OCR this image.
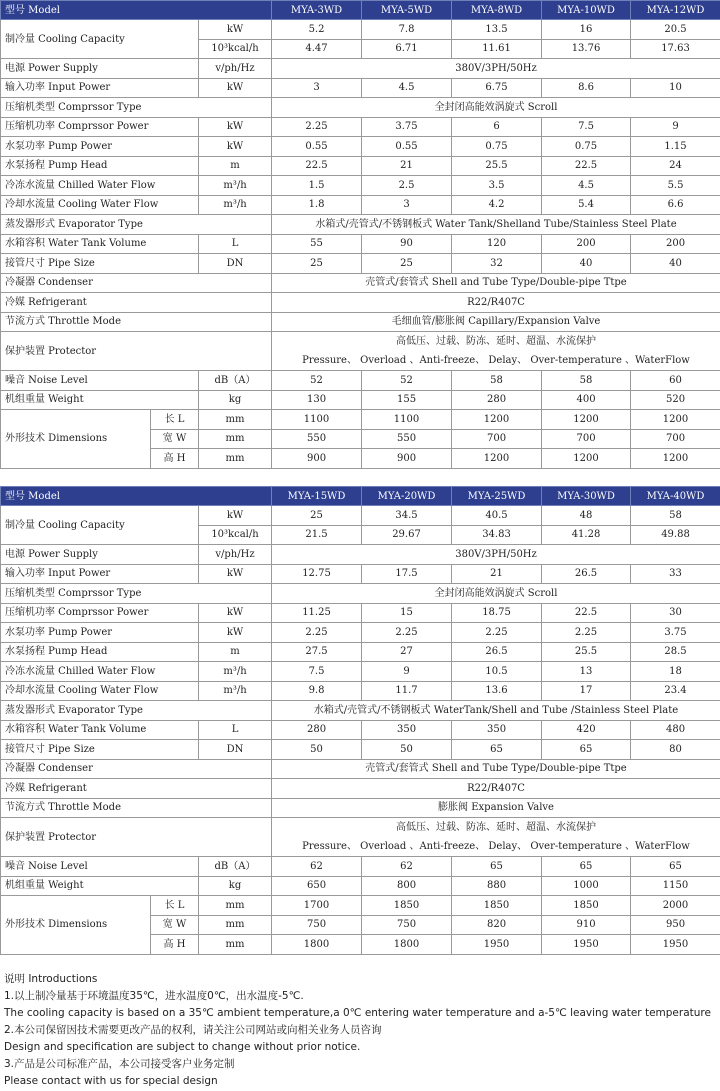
型号 Model			MYA-3WD	MYA-5WD	MYA-8WD	MYA-10WD	MYA-12WD
制冷量 Cooling Capacity		kW	5.2	7.8	13.5	16	20.5
		10³kcal/h	4.47	6.71	11.61	13.76	17.63
电源 Power Supply		v/ph/Hz	380V/3PH/50Hz				
输入功率 Input Power		kW	3	4.5	6.75	8.6	10
压缩机类型 Comprssor Type			全封闭高能效涡旋式 Scroll				
压缩机功率 Comprssor Power		kW	2.25	3.75	6	7.5	9
水泵功率 Pump Power		kW	0.55	0.55	0.75	0.75	1.15
水泵扬程 Pump Head		m	22.5	21	25.5	22.5	24
冷冻水流量 Chilled Water Flow		m³/h	1.5	2.5	3.5	4.5	5.5
冷却水流量 Cooling Water Flow		m³/h	1.8	3	4.2	5.4	6.6
蒸发器形式 Evaporator Type			水箱式/壳管式/不锈钢板式 Water Tank/Shelland Tube/Stainless Steel Plate				
水箱容积 Water Tank Volume		L	55	90	120	200	200
接管尺寸 Pipe Size		DN	25	25	32	40	40
冷凝器 Condenser			壳管式/套管式 Shell and Tube Type/Double-pipe Ttpe				
冷媒 Refrigerant			R22/R407C				
节流方式 Throttle Mode			毛细血管/膨胀阀 Capillary/Expansion Valve				
保护装置 Protector			高低压、过载、防冻、延时、超温、水流保护
Pressure、 Overload 、Anti-freeze、 Delay、 Over-temperature 、WaterFlow				

噪音 Noise Level		dB（A）	52	52	58	58	60
机组重量 Weight		kg	130	155	280	400	520
外形技术 Dimensions	长 L	mm	1100	1100	1200	1200	1200
	宽 W	mm	550	550	700	700	700
	高 H	mm	900	900	1200	1200	1200
型号 Model			MYA-15WD	MYA-20WD	MYA-25WD	MYA-30WD	MYA-40WD
制冷量 Cooling Capacity		kW	25	34.5	40.5	48	58
		10³kcal/h	21.5	29.67	34.83	41.28	49.88
电源 Power Supply		v/ph/Hz	380V/3PH/50Hz				
输入功率 Input Power		kW	12.75	17.5	21	26.5	33
压缩机类型 Comprssor Type			全封闭高能效涡旋式 Scroll				
压缩机功率 Comprssor Power		kW	11.25	15	18.75	22.5	30
水泵功率 Pump Power		kW	2.25	2.25	2.25	2.25	3.75
水泵扬程 Pump Head		m	27.5	27	26.5	25.5	28.5
冷冻水流量 Chilled Water Flow		m³/h	7.5	9	10.5	13	18
冷却水流量 Cooling Water Flow		m³/h	9.8	11.7	13.6	17	23.4
蒸发器形式 Evaporator Type			水箱式/壳管式/不锈钢板式 WaterTank/Shell and Tube /Stainless Steel Plate				
水箱容积 Water Tank Volume		L	280	350	350	420	480
接管尺寸 Pipe Size		DN	50	50	65	65	80
冷凝器 Condenser			壳管式/套管式 Shell and Tube Type/Double-pipe Ttpe				
冷媒 Refrigerant			R22/R407C				
节流方式 Throttle Mode			膨胀阀 Expansion Valve				
保护装置 Protector			高低压、过载、防冻、延时、超温、水流保护
Pressure、 Overload 、Anti-freeze、 Delay、 Over-temperature 、WaterFlow				

噪音 Noise Level		dB（A）	62	62	65	65	65
机组重量 Weight		kg	650	800	880	1000	1150
外形技术 Dimensions	长 L	mm	1700	1850	1850	1850	2000
	宽 W	mm	750	750	820	910	950
	高 H	mm	1800	1800	1950	1950	1950
说明 Introductions
1.以上制冷量基于环境温度35℃，进水温度0℃，出水温度-5℃.
The cooling capacity is based on a 35℃ ambient temperature,a 0℃ entering water temperature and a-5℃ leaving water temperature
2.本公司保留因技术需要更改产品的权利，请关注公司网站或向相关业务人员咨询
Design and specification are subject to change without prior notice.
3.产品是公司标准产品，本公司接受客户业务定制
Please contact with us for special design
